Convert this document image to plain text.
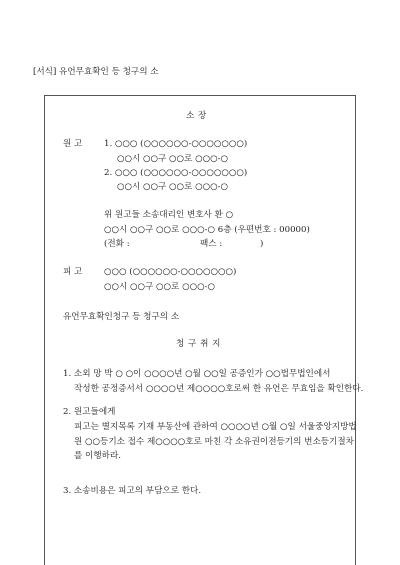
[서식] 유언무효확인 등 청구의 소
소 장
원 고	1. ○○○ (○○○○○○-○○○○○○○)
○○시 ○○구 ○○로 ○○○-○
2. ○○○ (○○○○○○-○○○○○○○)
○○시 ○○구 ○○로 ○○○-○
위 원고들 소송대리인 변호사 환 ○
○○시 ○○구 ○○로 ○○○-○ 6층 (우편번호 : 00000)
(전화 :	팩스 :	)
피 고	○○○ (○○○○○○-○○○○○○○)
○○시 ○○구 ○○로 ○○○-○
유언무효확인청구 등 청구의 소
청 구 취 지
1. 소외 망 박 ○ ○이 ○○○○년 ○월 ○○일 공증인가 ○○법무법인에서
작성한 공정증서서 ○○○○년 제○○○○호로써 한 유언은 무효임을 확인한다.
2. 원고들에게
피고는 별지목록 기재 부동산에 관하여 ○○○○년 ○월 ○일 서울중앙지방법
원 ○○등기소 접수 제○○○○호로 마친 각 소유권이전등기의 번소등기절차
를 이행하라.
3. 소송비용은 피고의 부담으로 한다.
